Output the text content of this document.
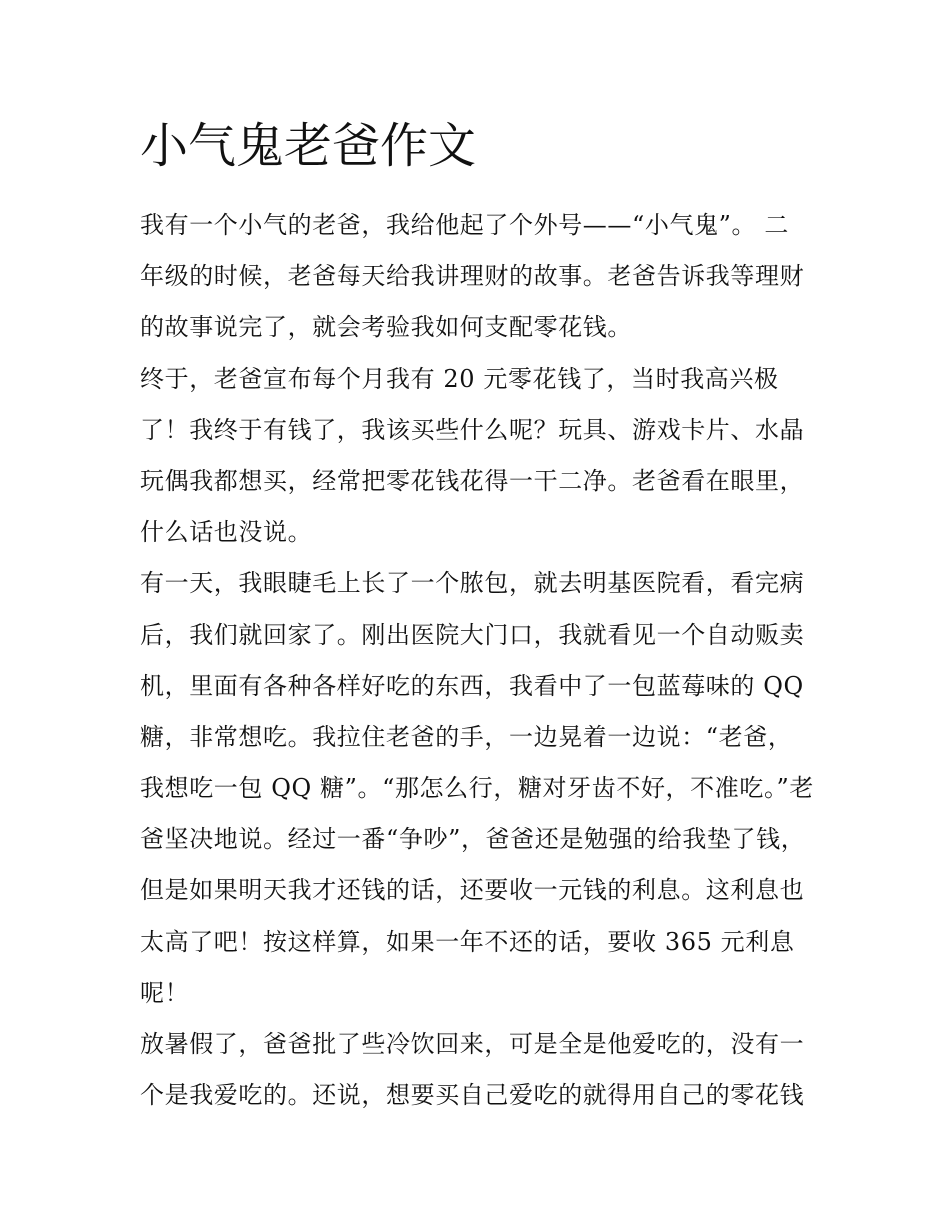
小气鬼老爸作文
我有一个小气的老爸，我给他起了个外号——“小气鬼”。 二
年级的时候，老爸每天给我讲理财的故事。老爸告诉我等理财
的故事说完了，就会考验我如何支配零花钱。
终于，老爸宣布每个月我有 20 元零花钱了，当时我高兴极
了！我终于有钱了，我该买些什么呢？玩具、游戏卡片、水晶
玩偶我都想买，经常把零花钱花得一干二净。老爸看在眼里，
什么话也没说。
有一天，我眼睫毛上长了一个脓包，就去明基医院看，看完病
后，我们就回家了。刚出医院大门口，我就看见一个自动贩卖
机，里面有各种各样好吃的东西，我看中了一包蓝莓味的 QQ
糖，非常想吃。我拉住老爸的手，一边晃着一边说：“老爸，
我想吃一包 QQ 糖”。“那怎么行，糖对牙齿不好，不准吃。”老
爸坚决地说。经过一番“争吵”，爸爸还是勉强的给我垫了钱，
但是如果明天我才还钱的话，还要收一元钱的利息。这利息也
太高了吧！按这样算，如果一年不还的话，要收 365 元利息
呢！
放暑假了，爸爸批了些冷饮回来，可是全是他爱吃的，没有一
个是我爱吃的。还说，想要买自己爱吃的就得用自己的零花钱
